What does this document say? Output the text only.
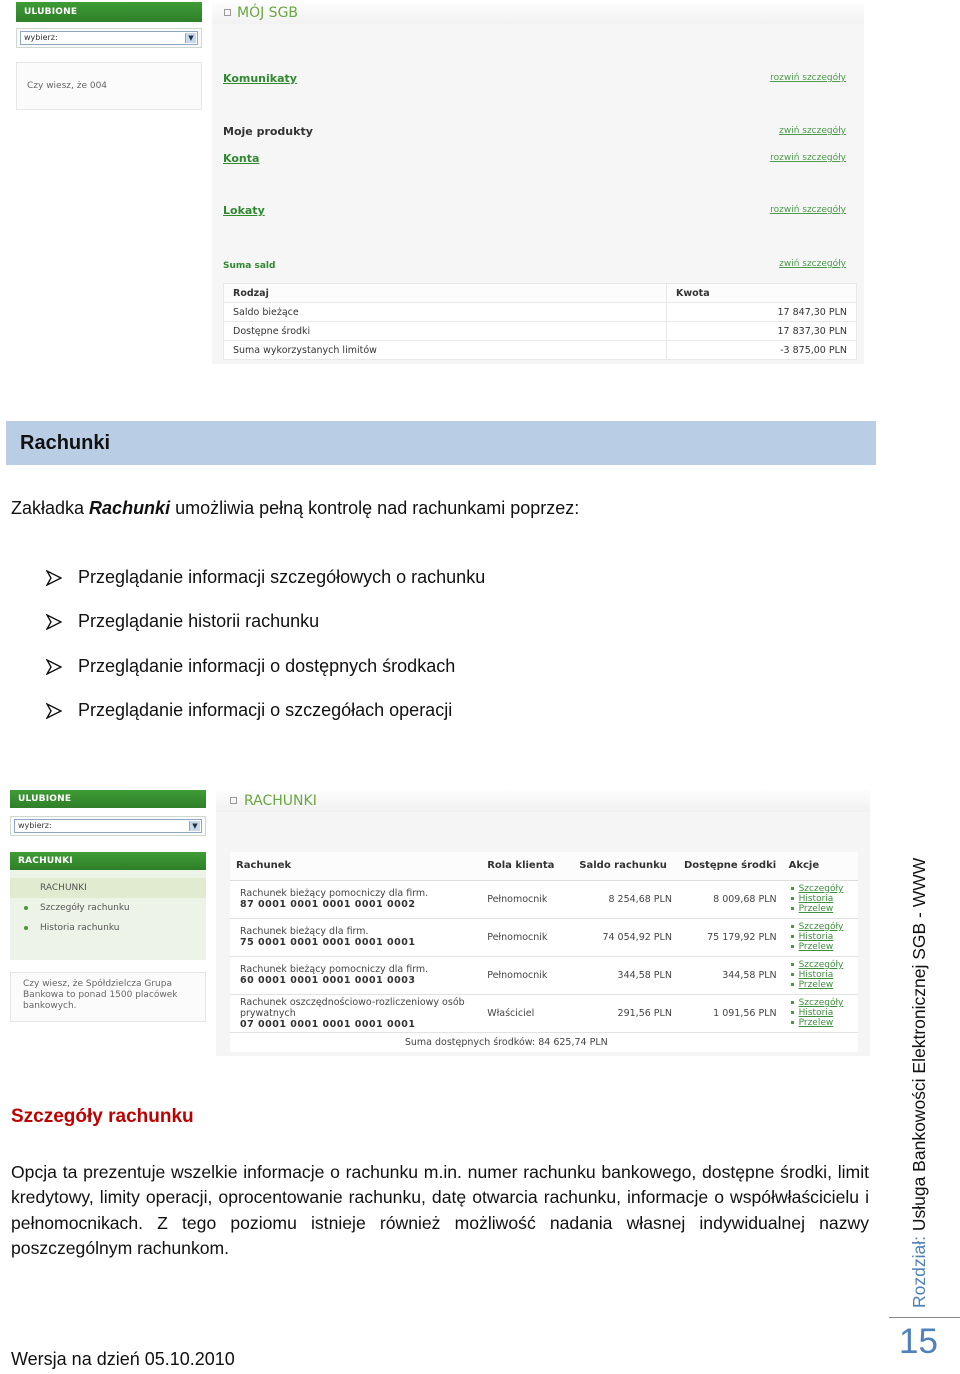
ULUBIONE
wybierz:	▼
Czy wiesz, że 004
MÓJ SGB
Komunikaty	rozwiń szczegóły
Moje produkty	zwiń szczegóły
Konta	rozwiń szczegóły
Lokaty	rozwiń szczegóły
Suma sald	zwiń szczegóły
Rodzaj	Kwota
Saldo bieżące	17 847,30 PLN
Dostępne środki	17 837,30 PLN
Suma wykorzystanych limitów	-3 875,00 PLN
Rachunki

Zakładka Rachunki umożliwia pełną kontrolę nad rachunkami poprzez:

Przeglądanie informacji szczegółowych o rachunku
Przeglądanie historii rachunku
Przeglądanie informacji o dostępnych środkach
Przeglądanie informacji o szczegółach operacji
ULUBIONE
wybierz:	▼
RACHUNKI
RACHUNKI
Szczegóły rachunku
Historia rachunku
Czy wiesz, że Spółdzielcza Grupa Bankowa to ponad 1500 placówek bankowych.
RACHUNKI
Rachunek	Rola klienta	Saldo rachunku	Dostępne środki	Akcje
Rachunek bieżący pomocniczy dla firm.
87 0001 0001 0001 0001 0002	Pełnomocnik	8 254,68 PLN	8 009,68 PLN	Szczegóły
Historia
Przelew

Rachunek bieżący dla firm.
75 0001 0001 0001 0001 0001	Pełnomocnik	74 054,92 PLN	75 179,92 PLN	Szczegóły
Historia
Przelew

Rachunek bieżący pomocniczy dla firm.
60 0001 0001 0001 0001 0003	Pełnomocnik	344,58 PLN	344,58 PLN	Szczegóły
Historia
Przelew

Rachunek oszczędnościowo-rozliczeniowy osób prywatnych
07 0001 0001 0001 0001 0001	Właściciel	291,56 PLN	1 091,56 PLN	Szczegóły
Historia
Przelew

Suma dostępnych środków: 84 625,74 PLN				
Szczegóły rachunku

Opcja ta prezentuje wszelkie informacje o rachunku m.in. numer rachunku bankowego, dostępne środki, limit kredytowy, limity operacji, oprocentowanie rachunku, datę otwarcia rachunku, informacje o współwłaścicielu i pełnomocnikach. Z tego poziomu istnieje również możliwość nadania własnej indywidualnej nazwy poszczególnym rachunkom.

Wersja na dzień 05.10.2010
Rozdział: Usługa Bankowości Elektronicznej SGB - WWW
15
